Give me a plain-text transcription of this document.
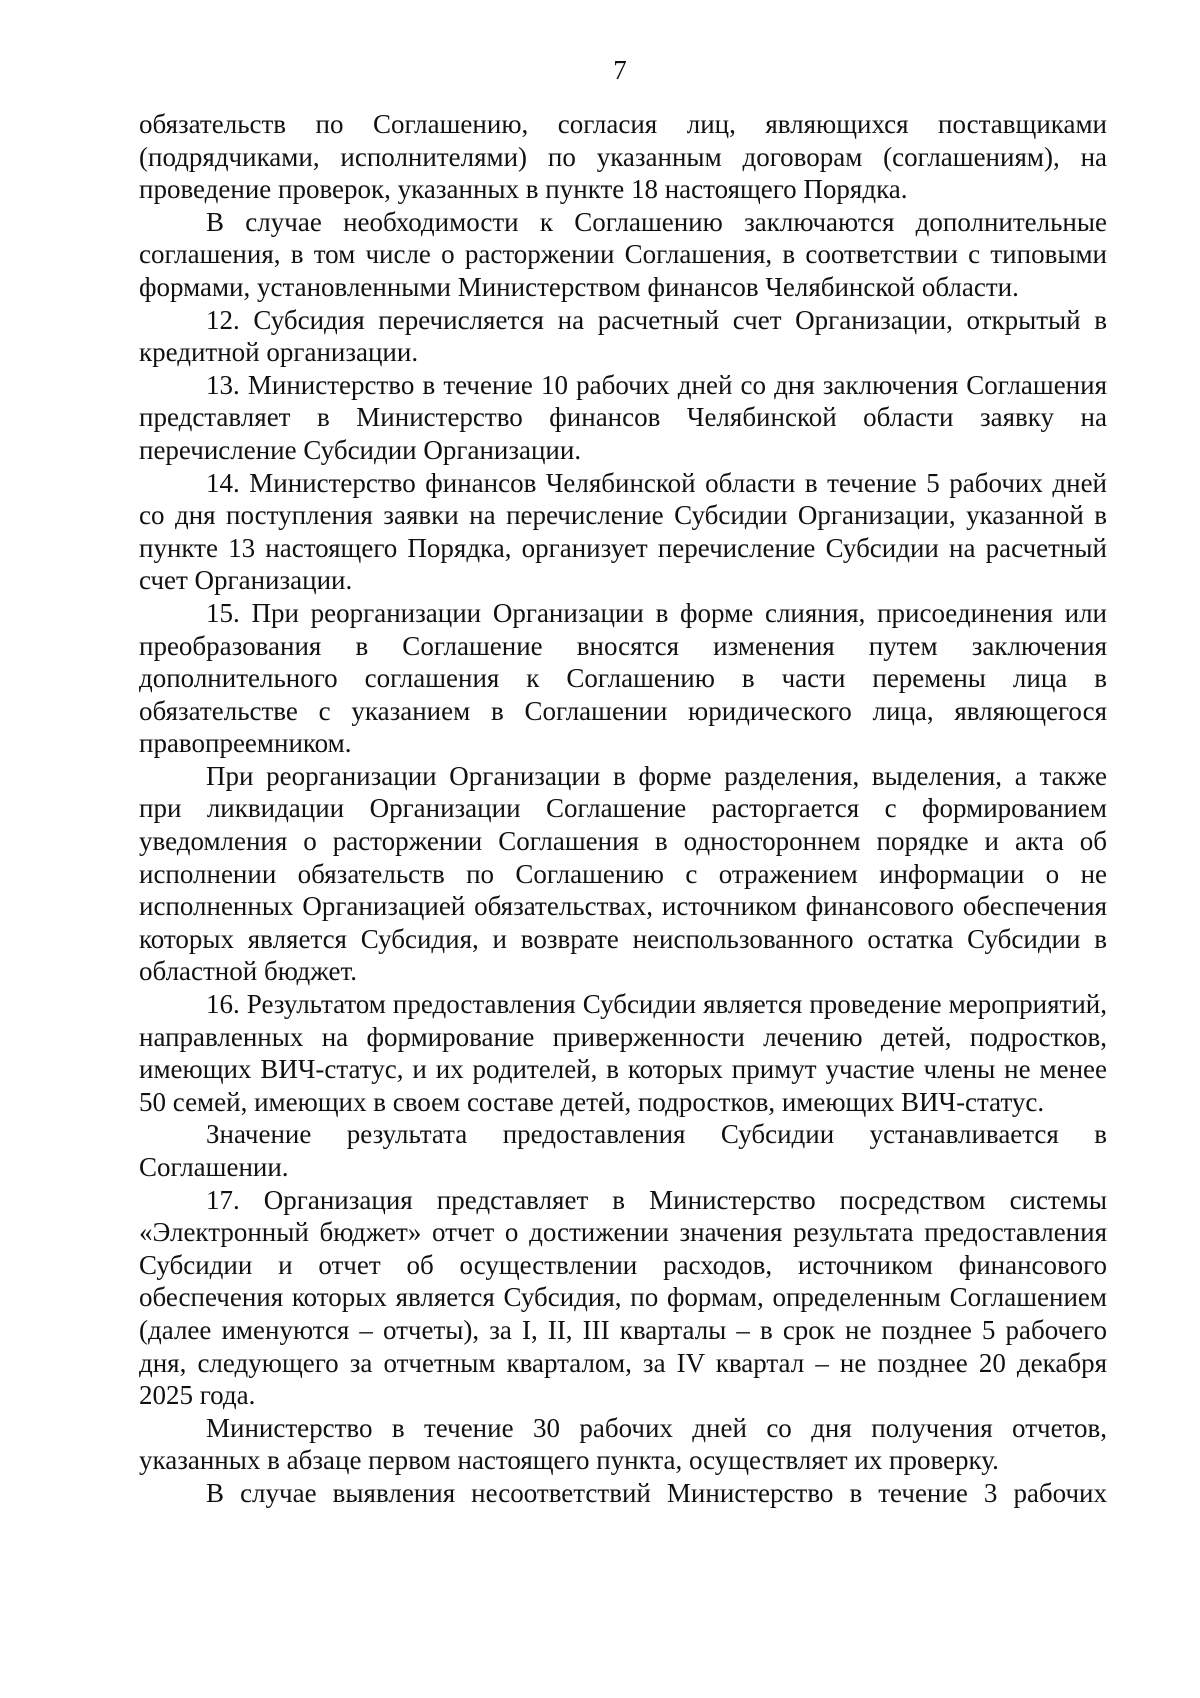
7

обязательств по Соглашению, согласия лиц, являющихся поставщиками (подрядчиками, исполнителями) по указанным договорам (соглашениям), на проведение проверок, указанных в пункте 18 настоящего Порядка.

В случае необходимости к Соглашению заключаются дополнительные соглашения, в том числе о расторжении Соглашения, в соответствии с типовыми формами, установленными Министерством финансов Челябинской области.

12. Субсидия перечисляется на расчетный счет Организации, открытый в кредитной организации.

13. Министерство в течение 10 рабочих дней со дня заключения Соглашения представляет в Министерство финансов Челябинской области заявку на перечисление Субсидии Организации.

14. Министерство финансов Челябинской области в течение 5 рабочих дней со дня поступления заявки на перечисление Субсидии Организации, указанной в пункте 13 настоящего Порядка, организует перечисление Субсидии на расчетный счет Организации.

15. При реорганизации Организации в форме слияния, присоединения или преобразования в Соглашение вносятся изменения путем заключения дополнительного соглашения к Соглашению в части перемены лица в обязательстве с указанием в Соглашении юридического лица, являющегося правопреемником.

При реорганизации Организации в форме разделения, выделения, а также при ликвидации Организации Соглашение расторгается с формированием уведомления о расторжении Соглашения в одностороннем порядке и акта об исполнении обязательств по Соглашению с отражением информации о не исполненных Организацией обязательствах, источником финансового обеспечения которых является Субсидия, и возврате неиспользованного остатка Субсидии в областной бюджет.

16. Результатом предоставления Субсидии является проведение мероприятий, направленных на формирование приверженности лечению детей, подростков, имеющих ВИЧ-статус, и их родителей, в которых примут участие члены не менее 50 семей, имеющих в своем составе детей, подростков, имеющих ВИЧ-статус.

Значение результата предоставления Субсидии устанавливается в Соглашении.

17. Организация представляет в Министерство посредством системы «Электронный бюджет» отчет о достижении значения результата предоставления Субсидии и отчет об осуществлении расходов, источником финансового обеспечения которых является Субсидия, по формам, определенным Соглашением (далее именуются – отчеты), за I, II, III кварталы – в срок не позднее 5 рабочего дня, следующего за отчетным кварталом, за IV квартал – не позднее 20 декабря 2025 года.

Министерство в течение 30 рабочих дней со дня получения отчетов, указанных в абзаце первом настоящего пункта, осуществляет их проверку.

В случае выявления несоответствий Министерство в течение 3 рабочих
